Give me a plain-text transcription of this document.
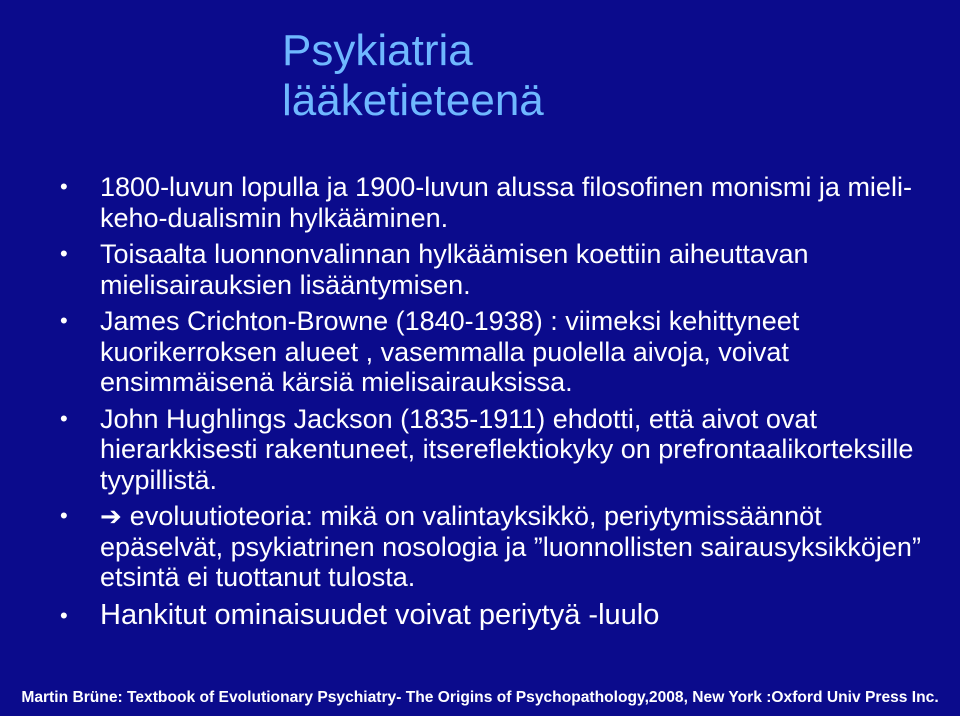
Psykiatria
lääketieteenä
• 1800-luvun lopulla ja 1900-luvun alussa filosofinen monismi ja mieli-keho-dualismin hylkääminen.
• Toisaalta luonnonvalinnan hylkäämisen koettiin aiheuttavan mielisairauksien lisääntymisen.
• James Crichton-Browne (1840-1938) : viimeksi kehittyneet kuorikerroksen alueet , vasemmalla puolella aivoja, voivat ensimmäisenä kärsiä mielisairauksissa.
• John Hughlings Jackson (1835-1911) ehdotti, että aivot ovat hierarkkisesti rakentuneet, itsereflektiokyky on prefrontaalikorteksille tyypillistä.
• ➔ evoluutioteoria: mikä on valintayksikkö, periytymissäännöt epäselvät, psykiatrinen nosologia ja ”luonnollisten sairausyksikköjen” etsintä ei tuottanut tulosta.
• Hankitut ominaisuudet voivat periytyä -luulo
Martin Brüne: Textbook of Evolutionary Psychiatry- The Origins of Psychopathology,2008, New York :Oxford Univ Press Inc.
